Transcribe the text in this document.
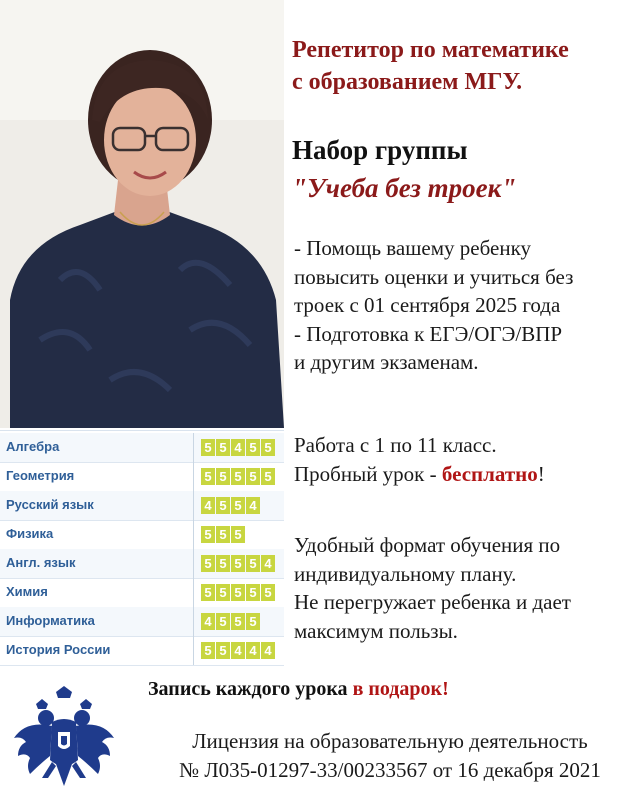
Алгебра	5 5 4 5 5
Геометрия	5 5 5 5 5
Русский язык	4 5 5 4
Физика	5 5 5
Англ. язык	5 5 5 5 4
Химия	5 5 5 5 5
Информатика	4 5 5 5
История России	5 5 4 4 4
Репетитор по математике
с образованием МГУ.
Набор группы
"Учеба без троек"
- Помощь вашему ребенку
повысить оценки и учиться без
троек с 01 сентября 2025 года
- Подготовка к ЕГЭ/ОГЭ/ВПР
и другим экзаменам.
Работа с 1 по 11 класс.
Пробный урок - бесплатно!
Удобный формат обучения по
индивидуальному плану.
Не перегружает ребенка и дает
максимум пользы.
Запись каждого урока в подарок!
Лицензия на образовательную деятельность
№ Л035-01297-33/00233567 от 16 декабря 2021
